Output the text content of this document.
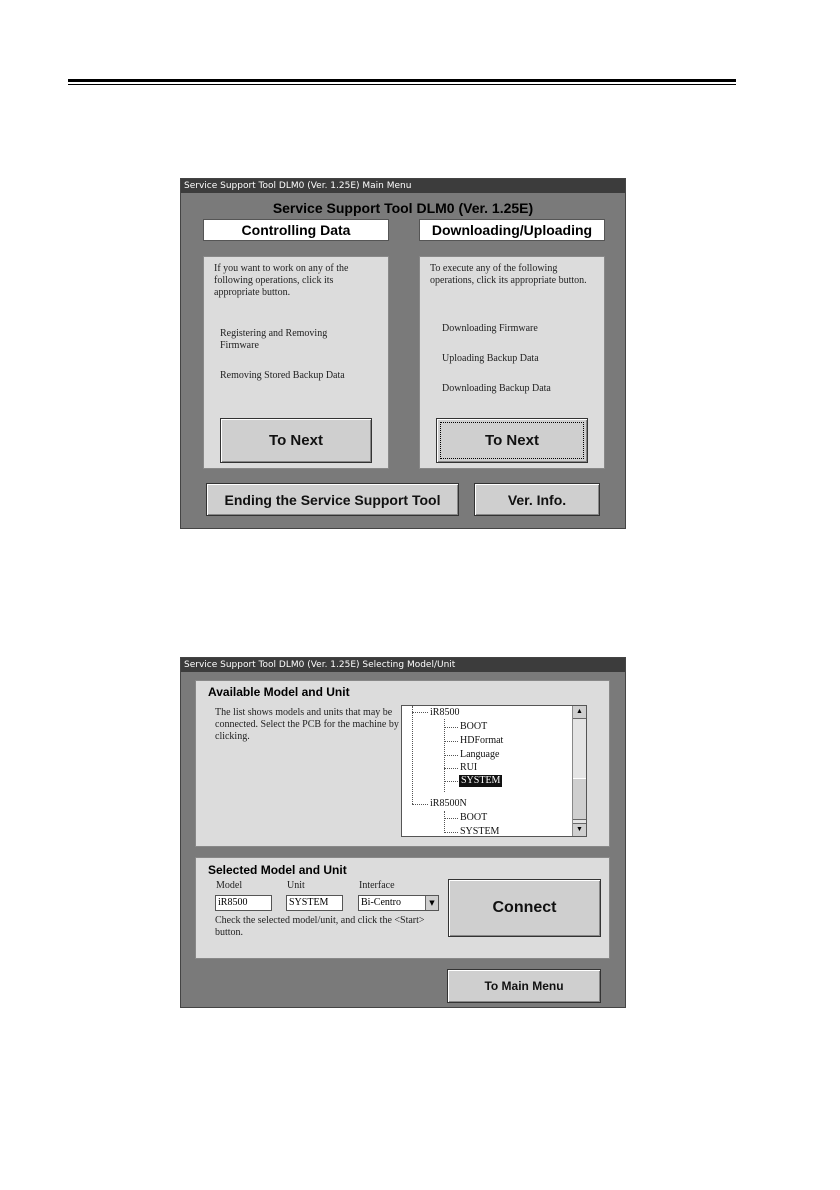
Service Support Tool DLM0 (Ver. 1.25E) Main Menu
Service Support Tool DLM0 (Ver. 1.25E)
Controlling Data	Downloading/Uploading
If you want to work on any of the following operations, click its appropriate button.
Registering and Removing Firmware
Removing Stored Backup Data
To Next
To execute any of the following operations, click its appropriate button.
Downloading Firmware
Uploading Backup Data
Downloading Backup Data
To Next
Ending the Service Support Tool	Ver. Info.
Service Support Tool DLM0 (Ver. 1.25E) Selecting Model/Unit
Available Model and Unit
The list shows models and units that may be connected. Select the PCB for the machine by clicking.
iR8500
BOOT
HDFormat
Language
RUI
SYSTEM
iR8500N
BOOT
SYSTEM
▲
▼
Selected Model and Unit
Model	Unit	Interface
iR8500	SYSTEM	Bi-Centro	▼
Check the selected model/unit, and click the <Start> button.
Connect
To Main Menu
